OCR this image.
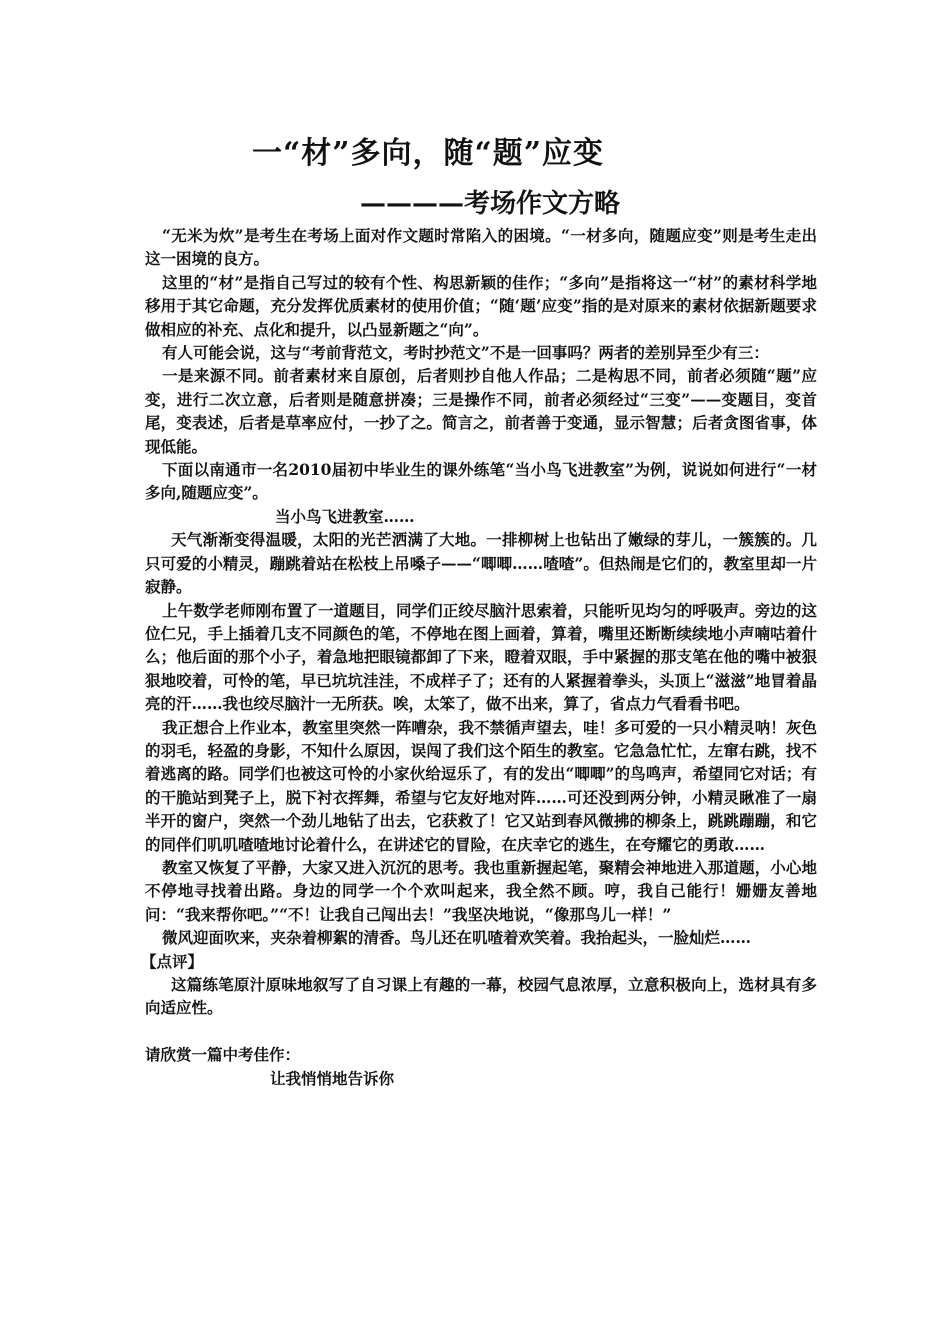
一“材”多向，随“题”应变
————考场作文方略

“无米为炊”是考生在考场上面对作文题时常陷入的困境。“一材多向，随题应变”则是考生走出这一困境的良方。

这里的“材”是指自己写过的较有个性、构思新颖的佳作；“多向”是指将这一“材”的素材科学地移用于其它命题，充分发挥优质素材的使用价值；“随‘题’应变”指的是对原来的素材依据新题要求做相应的补充、点化和提升，以凸显新题之“向”。

有人可能会说，这与“考前背范文，考时抄范文”不是一回事吗？两者的差别异至少有三：

一是来源不同。前者素材来自原创，后者则抄自他人作品；二是构思不同，前者必须随“题”应变，进行二次立意，后者则是随意拼凑；三是操作不同，前者必须经过“三变”——变题目，变首尾，变表述，后者是草率应付，一抄了之。简言之，前者善于变通，显示智慧；后者贪图省事，体现低能。

下面以南通市一名2010届初中毕业生的课外练笔“当小鸟飞进教室”为例，说说如何进行“一材多向,随题应变”。

当小鸟飞进教室……

天气渐渐变得温暖，太阳的光芒洒满了大地。一排柳树上也钻出了嫩绿的芽儿，一簇簇的。几只可爱的小精灵，蹦跳着站在松枝上吊嗓子——“唧唧……喳喳”。但热闹是它们的，教室里却一片寂静。

上午数学老师刚布置了一道题目，同学们正绞尽脑汁思索着，只能听见均匀的呼吸声。旁边的这位仁兄，手上插着几支不同颜色的笔，不停地在图上画着，算着，嘴里还断断续续地小声喃咕着什么；他后面的那个小子，着急地把眼镜都卸了下来，瞪着双眼，手中紧握的那支笔在他的嘴中被狠狠地咬着，可怜的笔，早已坑坑洼洼，不成样子了；还有的人紧握着拳头，头顶上“滋滋”地冒着晶亮的汗……我也绞尽脑汁一无所获。唉，太笨了，做不出来，算了，省点力气看看书吧。

我正想合上作业本，教室里突然一阵嘈杂，我不禁循声望去，哇！多可爱的一只小精灵呐！灰色的羽毛，轻盈的身影，不知什么原因，误闯了我们这个陌生的教室。它急急忙忙，左窜右跳，找不着逃离的路。同学们也被这可怜的小家伙给逗乐了，有的发出“唧唧”的鸟鸣声，希望同它对话；有的干脆站到凳子上，脱下衬衣挥舞，希望与它友好地对阵……可还没到两分钟，小精灵瞅准了一扇半开的窗户，突然一个劲儿地钻了出去，它获救了！它又站到春风微拂的柳条上，跳跳蹦蹦，和它的同伴们叽叽喳喳地讨论着什么，在讲述它的冒险，在庆幸它的逃生，在夸耀它的勇敢……

教室又恢复了平静，大家又进入沉沉的思考。我也重新握起笔，聚精会神地进入那道题，小心地不停地寻找着出路。身边的同学一个个欢叫起来，我全然不顾。哼，我自己能行！姗姗友善地问：“我来帮你吧。”“不！让我自己闯出去！”我坚决地说，“像那鸟儿一样！”

微风迎面吹来，夹杂着柳絮的清香。鸟儿还在叽喳着欢笑着。我抬起头，一脸灿烂……

【点评】

这篇练笔原汁原味地叙写了自习课上有趣的一幕，校园气息浓厚，立意积极向上，选材具有多向适应性。

请欣赏一篇中考佳作：

让我悄悄地告诉你
